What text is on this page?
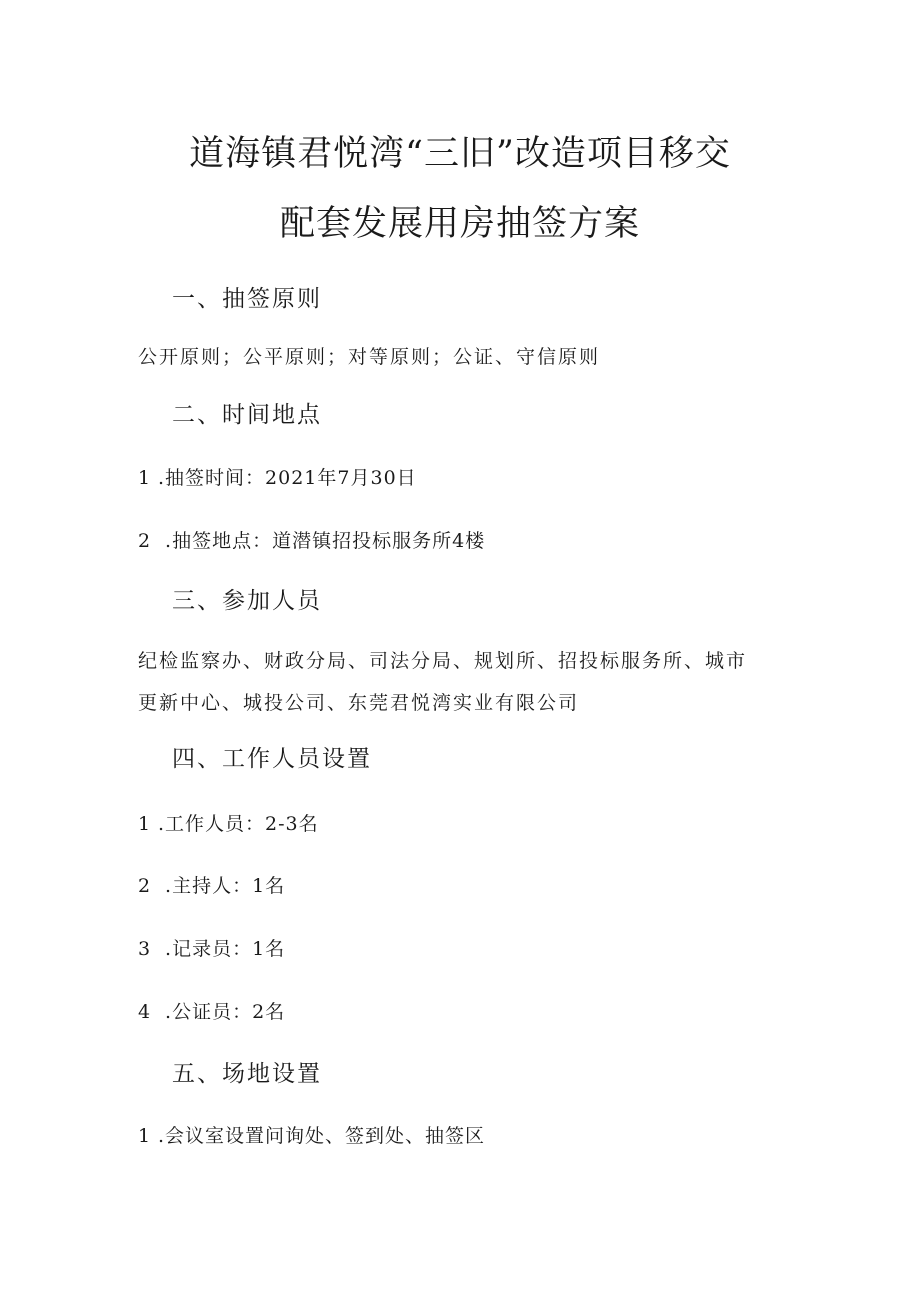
道海镇君悦湾“三旧”改造项目移交
配套发展用房抽签方案
一、抽签原则
公开原则；公平原则；对等原则；公证、守信原则
二、时间地点
1 .抽签时间：2021年7月30日
2 .抽签地点：道潜镇招投标服务所4楼
三、参加人员
纪检监察办、财政分局、司法分局、规划所、招投标服务所、城市
更新中心、城投公司、东莞君悦湾实业有限公司
四、工作人员设置
1 .工作人员：2-3名
2 .主持人：1名
3 .记录员：1名
4 .公证员：2名
五、场地设置
1 .会议室设置问询处、签到处、抽签区
